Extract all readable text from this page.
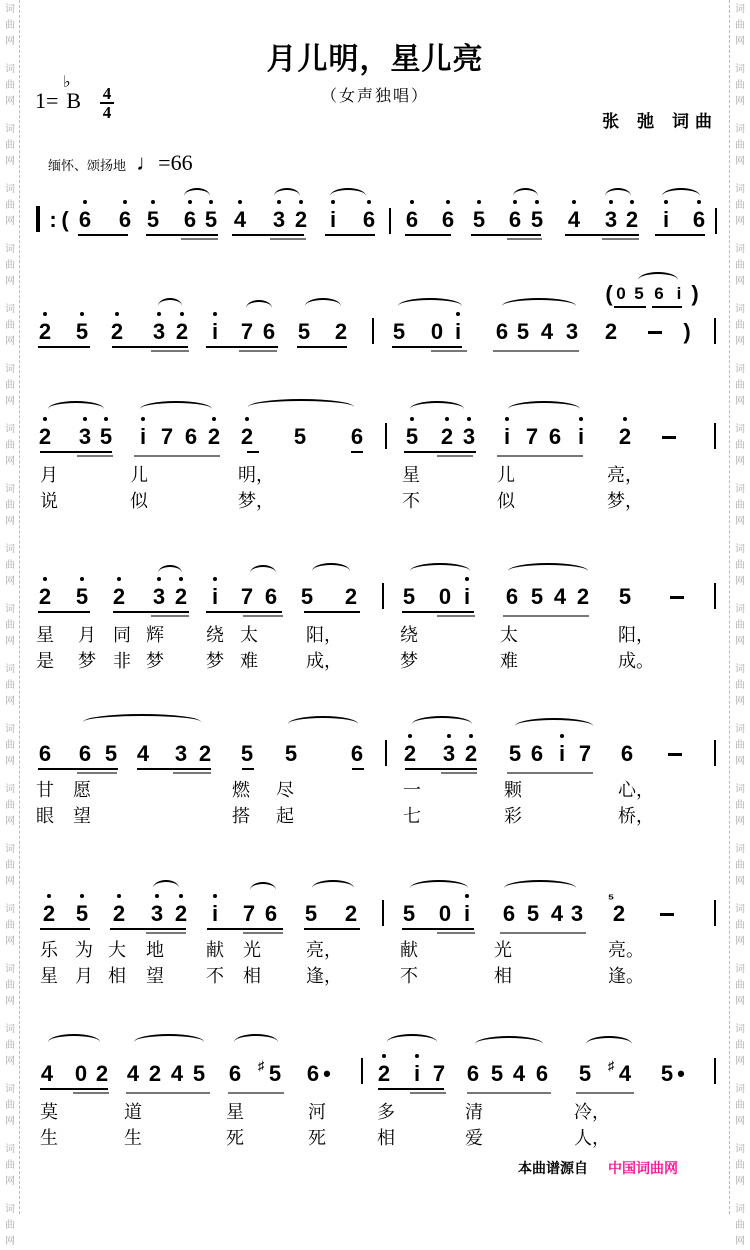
词
曲
网
词
曲
网
词
曲
网
词
曲
网
词
曲
网
词
曲
网
词
曲
网
词
曲
网
词
曲
网
词
曲
网
词
曲
网
词
曲
网
词
曲
网
词
曲
网
词
曲
网
词
曲
网
词
曲
网
词
曲
网
词
曲
网
词
曲
网
词
曲
网
词
曲
网
词
曲
网
词
曲
网
词
曲
网
词
曲
网
词
曲
网
词
曲
网
词
曲
网
词
曲
网
词
曲
网
词
曲
网
词
曲
网
词
曲
网
词
曲
网
词
曲
网
词
曲
网
词
曲
网
词
曲
网
词
曲
网
词
曲
网
词
曲
网
月儿明，星儿亮
（女声独唱）
张 弛 词曲
1=
♭
B $\frac{4}{4}$
缅怀、颂扬地 ♩=66
: ( 6 6 5 6 5 4 3 2 i 6 6 6 5 6 5 4 3 2 i 6
2 5 2 3 2 i 7 6 5 2 5 0 i 6 5 4 3 2	)
( 0 5 6 i )
2 3 5 i 7 6 2 2 5 6 5 2 3 i 7 6 i 2
月	儿	明，	星	儿	亮，
说	似	梦，	不	似	梦，
2 5 2 3 2 i 7 6 5 2 5 0 i 6 5 4 2 5
星 月 同 辉 绕 太	阳，	绕	太	阳，
是 梦 非 梦 梦 难	成，	梦	难	成。
6 6 5 4 3 2 5 5 6 2 3 2 5 6 i 7 6
甘 愿	燃 尽	一	颗	心，
眼 望	搭 起	七	彩	桥，
2 5 2 3 2 i 7 6 5 2 5 0 i 6 5 4 3 2
⁵
乐 为 大 地 献 光	亮，	献	光	亮。
星 月 相 望 不 相	逢，	不	相	逢。
4 0 2 4 2 4 5 6 5
♯ 6 • 2 i 7 6 5 4 6 5 4
♯ 5 •
莫	道	星	河	多	清	冷，
生	生	死	死	相	爱	人，
本曲谱源自 中国词曲网
